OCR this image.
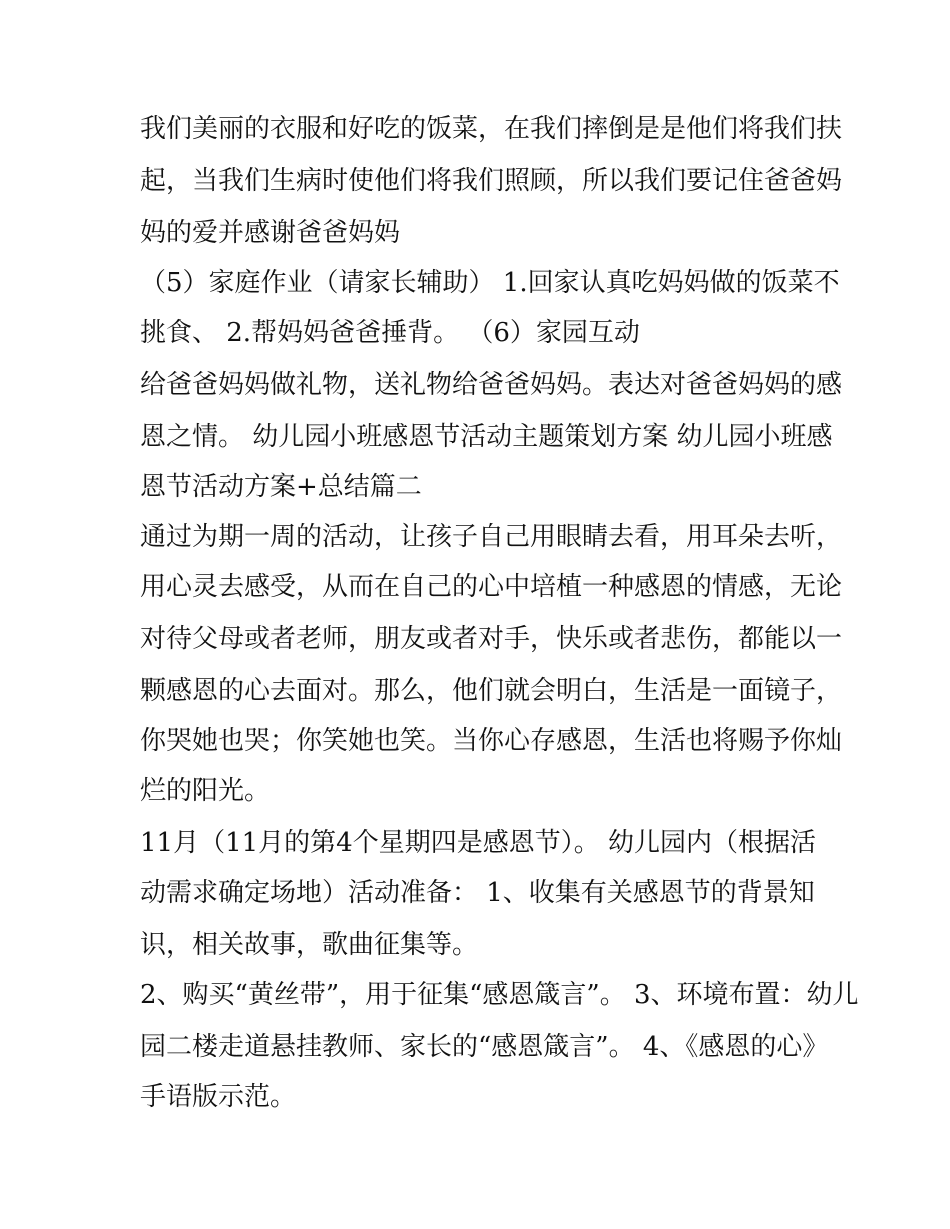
我们美丽的衣服和好吃的饭菜，在我们摔倒是是他们将我们扶
起，当我们生病时使他们将我们照顾，所以我们要记住爸爸妈
妈的爱并感谢爸爸妈妈
（5）家庭作业（请家长辅助） 1.回家认真吃妈妈做的饭菜不
挑食、 2.帮妈妈爸爸捶背。 （6）家园互动
给爸爸妈妈做礼物，送礼物给爸爸妈妈。表达对爸爸妈妈的感
恩之情。 幼儿园小班感恩节活动主题策划方案 幼儿园小班感
恩节活动方案+总结篇二
通过为期一周的活动，让孩子自己用眼睛去看，用耳朵去听，
用心灵去感受，从而在自己的心中培植一种感恩的情感，无论
对待父母或者老师，朋友或者对手，快乐或者悲伤，都能以一
颗感恩的心去面对。那么，他们就会明白，生活是一面镜子，
你哭她也哭；你笑她也笑。当你心存感恩，生活也将赐予你灿
烂的阳光。
11月（11月的第4个星期四是感恩节）。 幼儿园内（根据活
动需求确定场地）活动准备： 1、收集有关感恩节的背景知
识，相关故事，歌曲征集等。
2、购买“黄丝带”，用于征集“感恩箴言”。 3、环境布置：幼儿
园二楼走道悬挂教师、家长的“感恩箴言”。 4、《感恩的心》
手语版示范。
